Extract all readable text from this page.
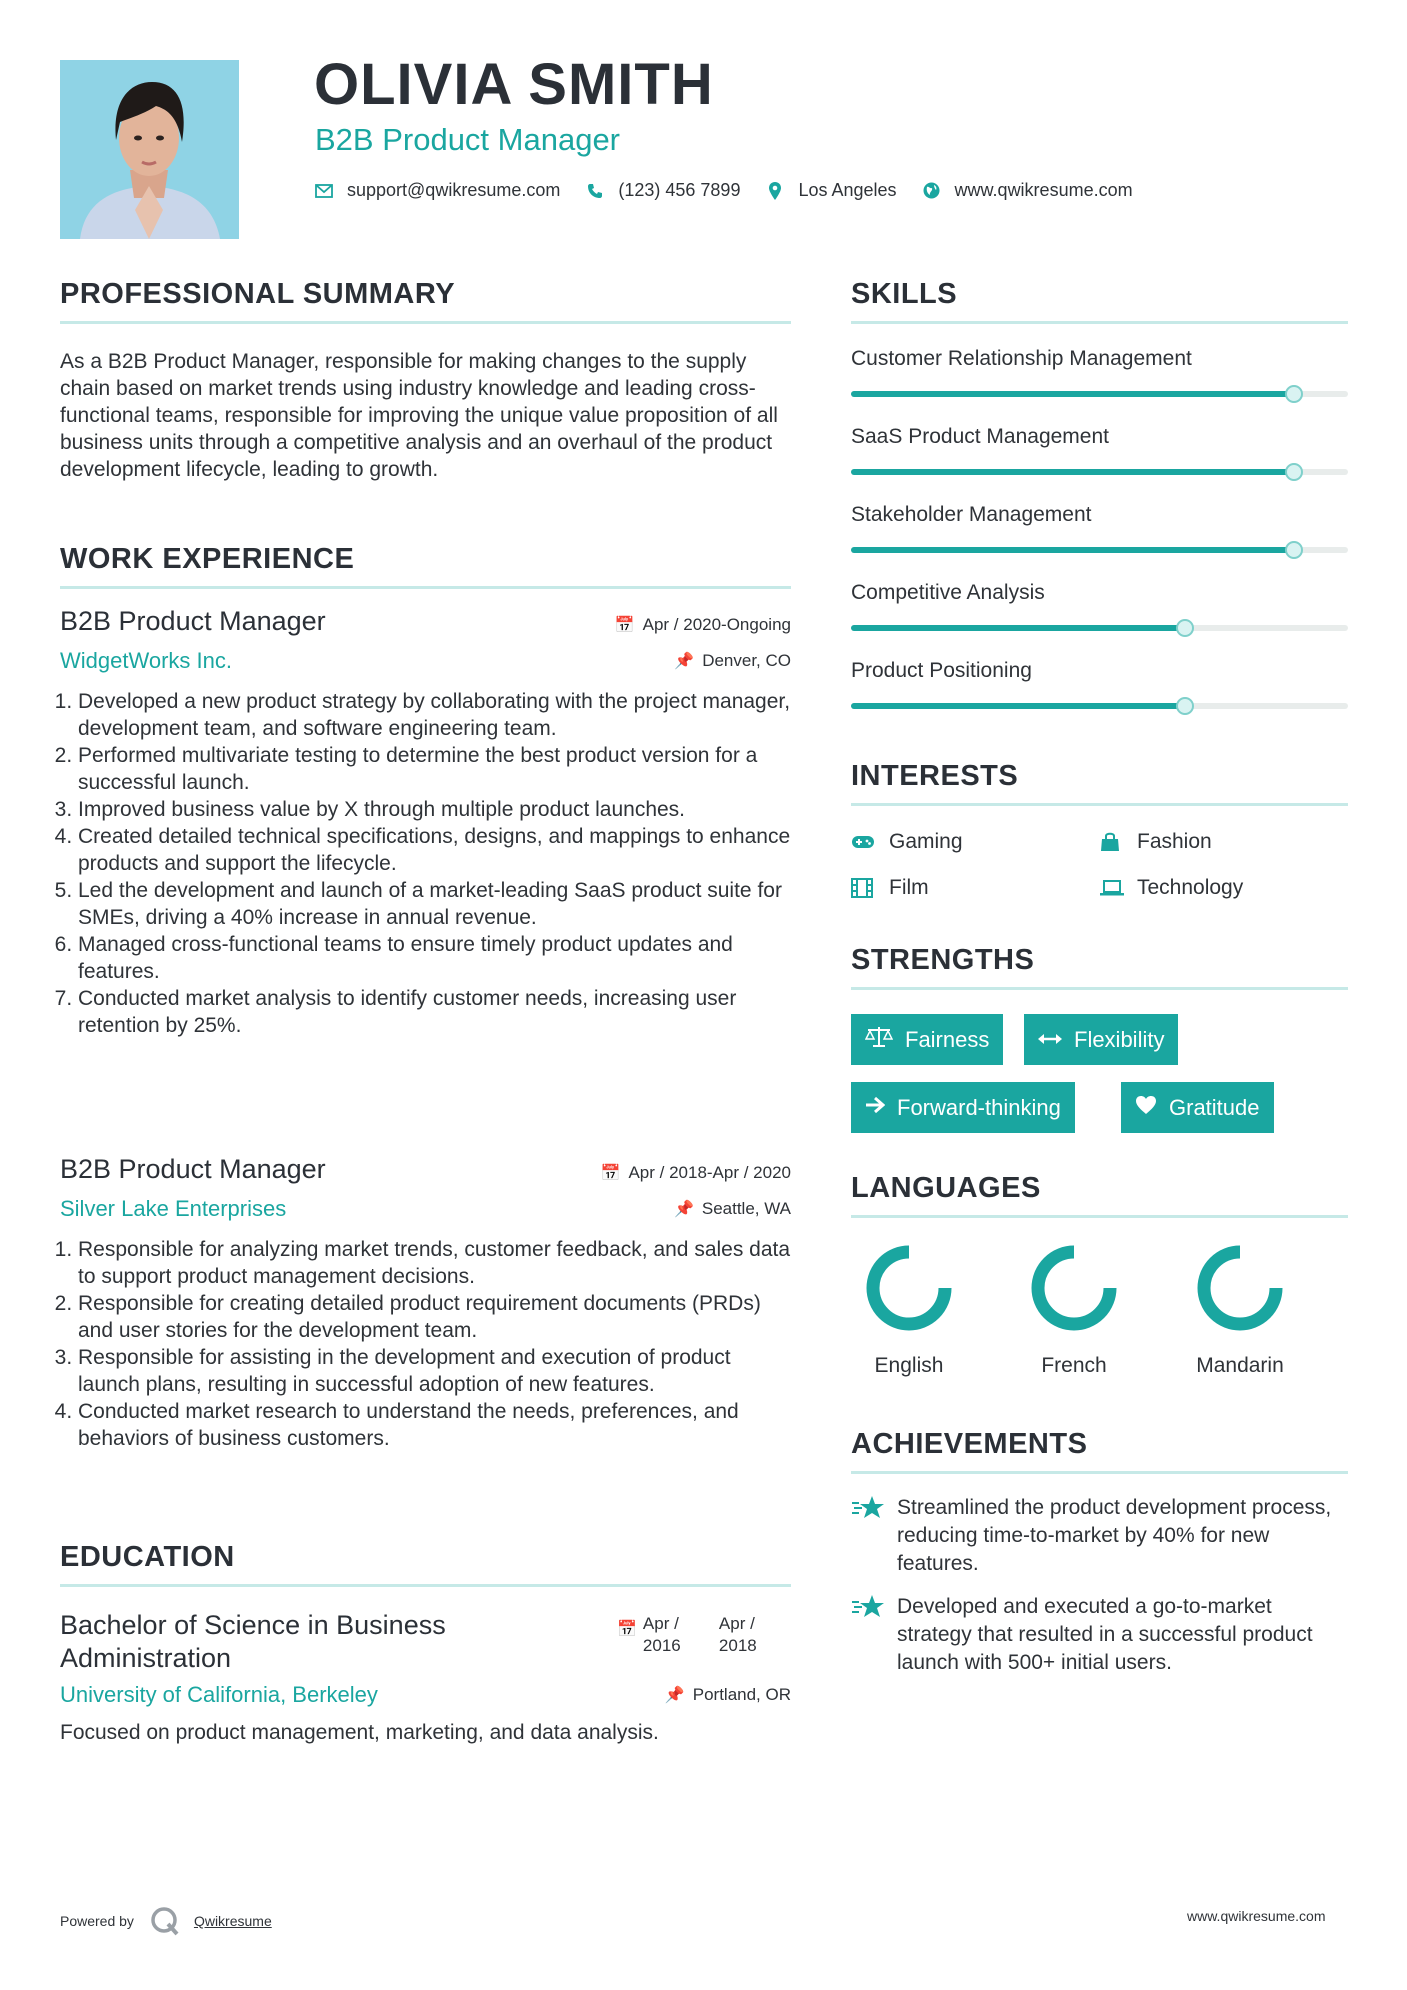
OLIVIA SMITH
B2B Product Manager
support@qwikresume.com	(123) 456 7899	Los Angeles	www.qwikresume.com
PROFESSIONAL SUMMARY

As a B2B Product Manager, responsible for making changes to the supply chain based on market trends using industry knowledge and leading cross-functional teams, responsible for improving the unique value proposition of all business units through a competitive analysis and an overhaul of the product development lifecycle, leading to growth.

WORK EXPERIENCE
B2B Product Manager	📅 Apr / 2020-Ongoing
WidgetWorks Inc.	📌 Denver, CO
1. Developed a new product strategy by collaborating with the project manager, development team, and software engineering team.
2. Performed multivariate testing to determine the best product version for a successful launch.
3. Improved business value by X through multiple product launches.
4. Created detailed technical specifications, designs, and mappings to enhance products and support the lifecycle.
5. Led the development and launch of a market-leading SaaS product suite for SMEs, driving a 40% increase in annual revenue.
6. Managed cross-functional teams to ensure timely product updates and features.
7. Conducted market analysis to identify customer needs, increasing user retention by 25%.
B2B Product Manager	📅 Apr / 2018-Apr / 2020
Silver Lake Enterprises	📌 Seattle, WA
1. Responsible for analyzing market trends, customer feedback, and sales data to support product management decisions.
2. Responsible for creating detailed product requirement documents (PRDs) and user stories for the development team.
3. Responsible for assisting in the development and execution of product launch plans, resulting in successful adoption of new features.
4. Conducted market research to understand the needs, preferences, and behaviors of business customers.
EDUCATION
Bachelor of Science in Business Administration
📅 Apr / 2016
Apr / 2018
University of California, Berkeley	📌 Portland, OR

Focused on product management, marketing, and data analysis.

SKILLS
Customer Relationship Management
SaaS Product Management
Stakeholder Management
Competitive Analysis
Product Positioning
INTERESTS
Gaming	Fashion
Film	Technology
STRENGTHS
Fairness	Flexibility
Forward-thinking	Gratitude
LANGUAGES
English	French	Mandarin
ACHIEVEMENTS
Streamlined the product development process, reducing time-to-market by 40% for new features.
Developed and executed a go-to-market strategy that resulted in a successful product launch with 500+ initial users.
Powered by	Qwikresume	www.qwikresume.com
